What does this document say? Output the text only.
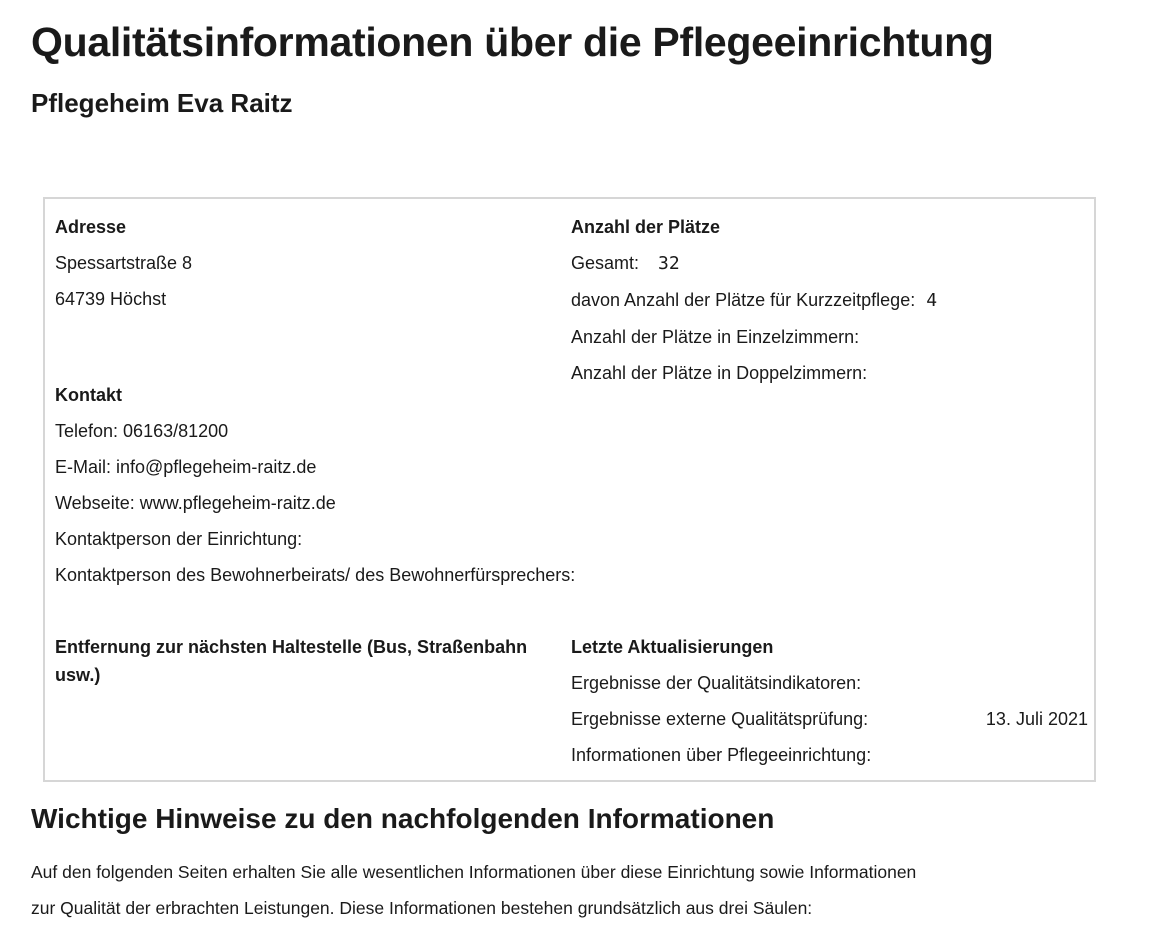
Qualitätsinformationen über die Pflegeeinrichtung
Pflegeheim Eva Raitz
Adresse
Spessartstraße 8
64739 Höchst
Anzahl der Plätze
Gesamt: 32
davon Anzahl der Plätze für Kurzzeitpflege: 4
Anzahl der Plätze in Einzelzimmern:
Anzahl der Plätze in Doppelzimmern:
Kontakt
Telefon: 06163/81200
E-Mail: info@pflegeheim-raitz.de
Webseite: www.pflegeheim-raitz.de
Kontaktperson der Einrichtung:
Kontaktperson des Bewohnerbeirats/ des Bewohnerfürsprechers:
Entfernung zur nächsten Haltestelle (Bus, Straßenbahn usw.)
Letzte Aktualisierungen
Ergebnisse der Qualitätsindikatoren:
Ergebnisse externe Qualitätsprüfung:	13. Juli 2021
Informationen über Pflegeeinrichtung:
Wichtige Hinweise zu den nachfolgenden Informationen

Auf den folgenden Seiten erhalten Sie alle wesentlichen Informationen über diese Einrichtung sowie Informationen
zur Qualität der erbrachten Leistungen. Diese Informationen bestehen grundsätzlich aus drei Säulen:
